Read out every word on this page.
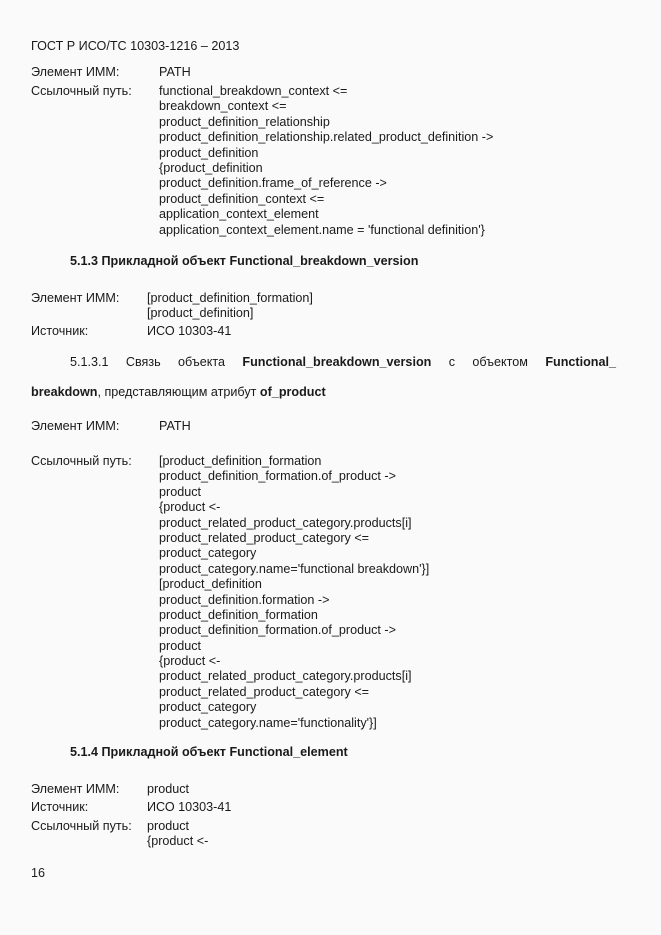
ГОСТ Р ИСО/ТС 10303-1216 – 2013
Элемент ИММ:	PATH
Ссылочный путь: functional_breakdown_context <=
breakdown_context <=
product_definition_relationship
product_definition_relationship.related_product_definition ->
product_definition
{product_definition
product_definition.frame_of_reference ->
product_definition_context <=
application_context_element
application_context_element.name = 'functional definition'}
5.1.3 Прикладной объект Functional_breakdown_version
Элемент ИММ: [product_definition_formation]
[product_definition]
Источник:	ИСО 10303-41
5.1.3.1 Связь объекта Functional_breakdown_version с объектом Functional_
breakdown, представляющим атрибут of_product
Элемент ИММ:	PATH
Ссылочный путь: [product_definition_formation
product_definition_formation.of_product ->
product
{product <-
product_related_product_category.products[i]
product_related_product_category <=
product_category
product_category.name='functional breakdown'}]
[product_definition
product_definition.formation ->
product_definition_formation
product_definition_formation.of_product ->
product
{product <-
product_related_product_category.products[i]
product_related_product_category <=
product_category
product_category.name='functionality'}]
5.1.4 Прикладной объект Functional_element
Элемент ИММ: product
Источник:	ИСО 10303-41
Ссылочный путь: product
{product <-
16
